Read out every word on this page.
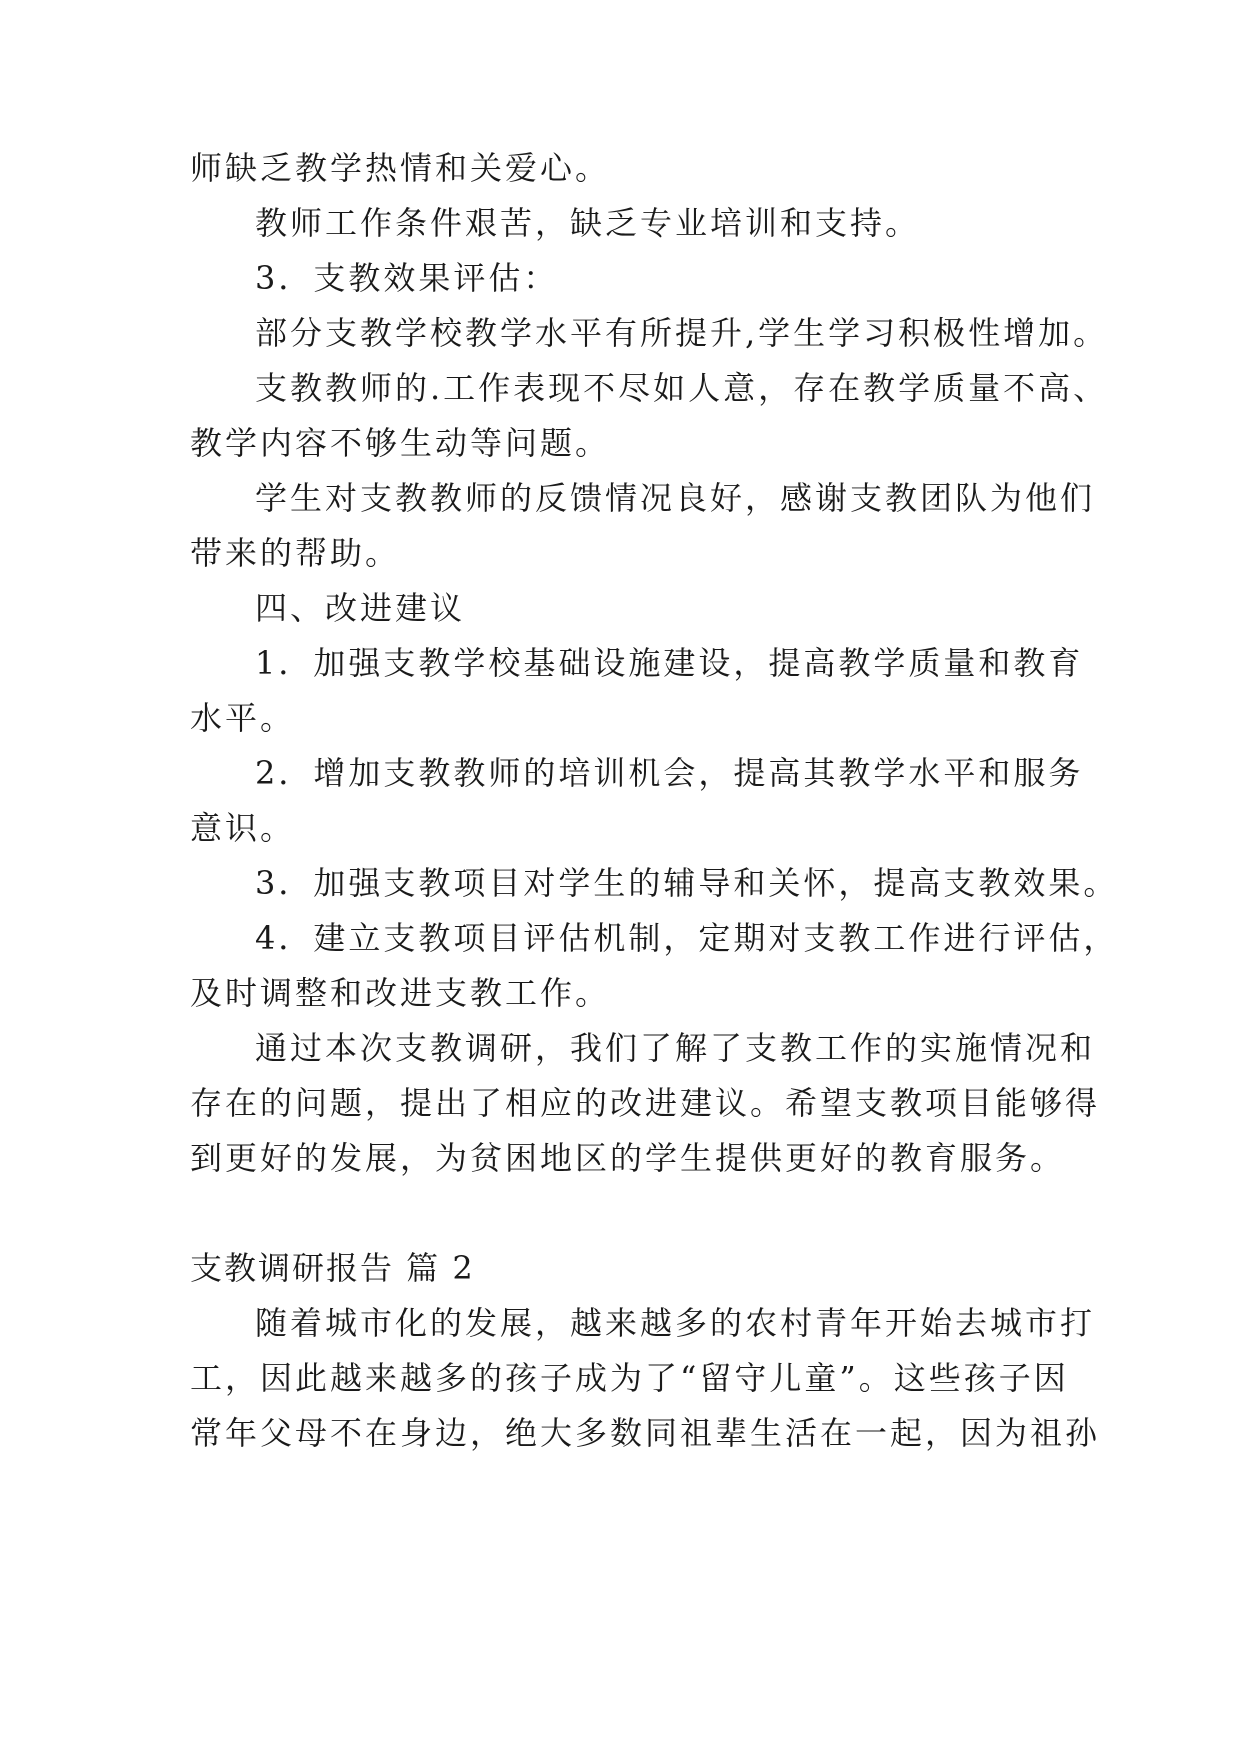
师缺乏教学热情和关爱心。
教师工作条件艰苦，缺乏专业培训和支持。
3．支教效果评估：
部分支教学校教学水平有所提升,学生学习积极性增加。
支教教师的.工作表现不尽如人意，存在教学质量不高、
教学内容不够生动等问题。
学生对支教教师的反馈情况良好，感谢支教团队为他们
带来的帮助。
四、改进建议
1．加强支教学校基础设施建设，提高教学质量和教育
水平。
2．增加支教教师的培训机会，提高其教学水平和服务
意识。
3．加强支教项目对学生的辅导和关怀，提高支教效果。
4．建立支教项目评估机制，定期对支教工作进行评估，
及时调整和改进支教工作。
通过本次支教调研，我们了解了支教工作的实施情况和
存在的问题，提出了相应的改进建议。希望支教项目能够得
到更好的发展，为贫困地区的学生提供更好的教育服务。
支教调研报告 篇 2
随着城市化的发展，越来越多的农村青年开始去城市打
工，因此越来越多的孩子成为了“留守儿童”。这些孩子因
常年父母不在身边，绝大多数同祖辈生活在一起，因为祖孙
